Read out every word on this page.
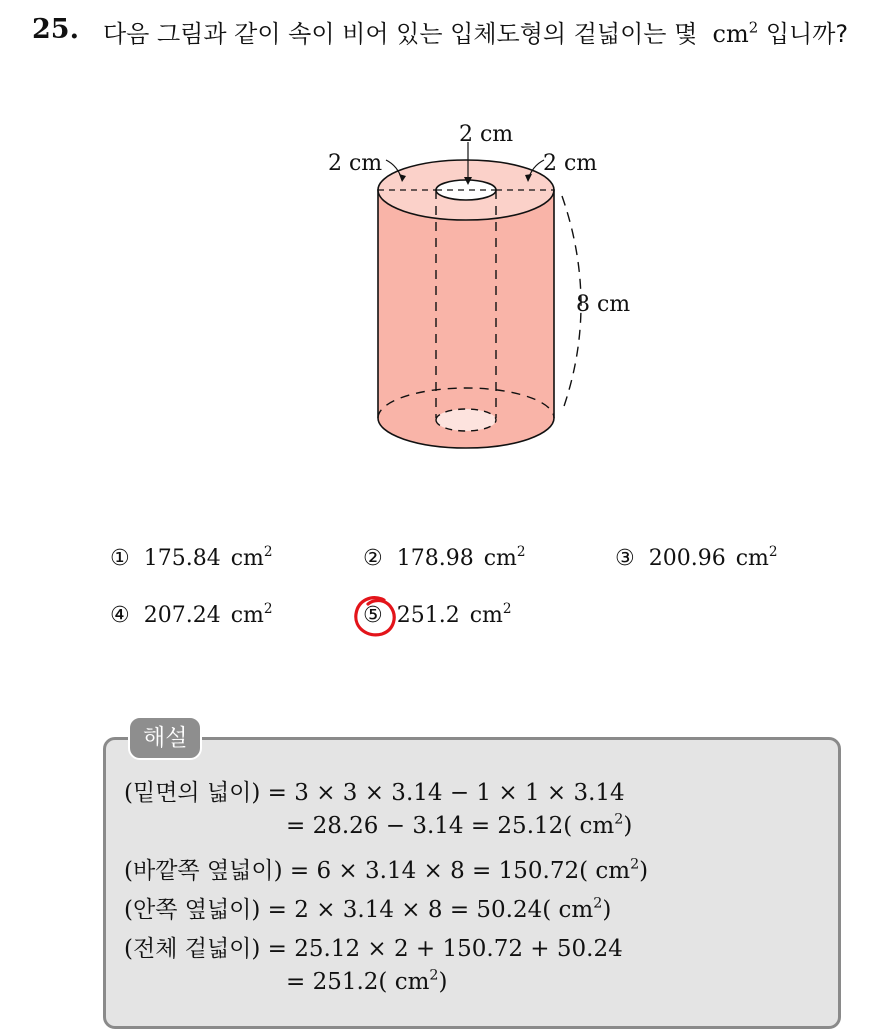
25. 다음 그림과 같이 속이 비어 있는 입체도형의 겉넓이는 몇 $cm^2$ 입니까?
2 cm
2 cm	2 cm
8 cm
① 175.84 $cm^2$	② 178.98 $cm^2$	③ 200.96 $cm^2$
④ 207.24 $cm^2$	⑤ 251.2 $cm^2$
해설
(밑면의 넓이) = 3 × 3 × 3.14 − 1 × 1 × 3.14
= 28.26 − 3.14 = 25.12( $cm^2$)
(바깥쪽 옆넓이) = 6 × 3.14 × 8 = 150.72( $cm^2$)
(안쪽 옆넓이) = 2 × 3.14 × 8 = 50.24( $cm^2$)
(전체 겉넓이) = 25.12 × 2 + 150.72 + 50.24
= 251.2( $cm^2$)
